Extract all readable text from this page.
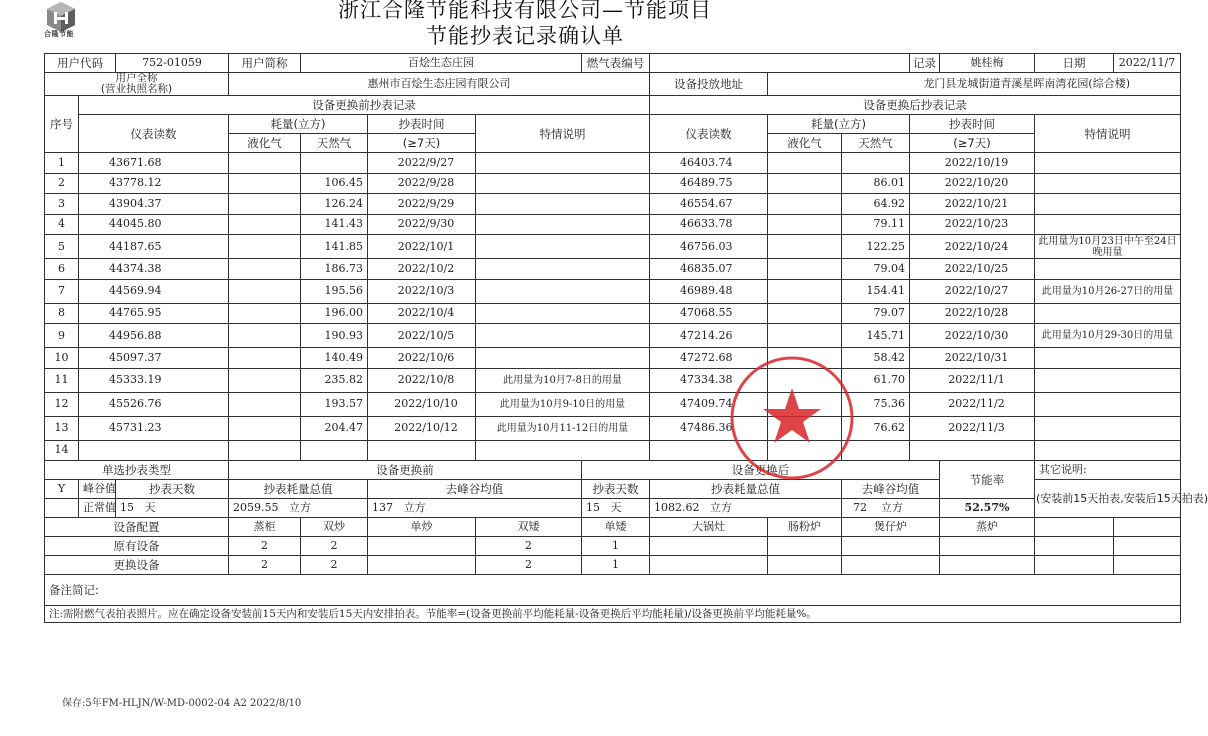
合隆节能
浙江合隆节能科技有限公司—节能项目
节能抄表记录确认单
用户代码		752-01059	用户简称	百烩生态庄园			燃气表编号				记录	姚桂梅	日期	2022/11/7

用户全称
(营业执照名称)			惠州市百烩生态庄园有限公司					设备投放地址	龙门县龙城街道青溪星晖南湾花园(综合楼)					
序号	设备更换前抄表记录							设备更换后抄表记录						
	仪表读数		耗量(立方)		抄表时间	特情说明		仪表读数	耗量(立方)		抄表时间		特情说明	
			液化气	天然气	(≥7天)				液化气	天然气	(≥7天)			
1	43671.68				2022/9/27			46403.74			2022/10/19			
2	43778.12			106.45	2022/9/28			46489.75		86.01	2022/10/20			
3	43904.37			126.24	2022/9/29			46554.67		64.92	2022/10/21			
4	44045.80			141.43	2022/9/30			46633.78		79.11	2022/10/23			
5	44187.65			141.85	2022/10/1			46756.03		122.25	2022/10/24		此用量为10月23日中午至24日晚用量	
6	44374.38			186.73	2022/10/2			46835.07		79.04	2022/10/25			
7	44569.94			195.56	2022/10/3			46989.48		154.41	2022/10/27		此用量为10月26-27日的用量	
8	44765.95			196.00	2022/10/4			47068.55		79.07	2022/10/28			
9	44956.88			190.93	2022/10/5			47214.26		145.71	2022/10/30		此用量为10月29-30日的用量	
10	45097.37			140.49	2022/10/6			47272.68		58.42	2022/10/31			
11	45333.19			235.82	2022/10/8	此用量为10月7-8日的用量		47334.38		61.70	2022/11/1			
12	45526.76			193.57	2022/10/10	此用量为10月9-10日的用量		47409.74		75.36	2022/11/2			
13	45731.23			204.47	2022/10/12	此用量为10月11-12日的用量		47486.36		76.62	2022/11/3			
14														
单选抄表类型			设备更换前				设备更换后					节能率	其它说明:	
Y	峰谷值	抄表天数	抄表耗量总值		去峰谷均值		抄表天数	抄表耗量总值		去峰谷均值			(安装前15天拍表,安装后15天拍表)	
	正常值	15 天	2059.55 立方		137 立方		15 天	1082.62 立方		72 立方		52.57%		
设备配置			蒸柜	双炒	单炒	双矮	单矮	大锅灶	肠粉炉	煲仔炉		蒸炉		
原有设备			2	2		2	1							
更换设备			2	2		2	1							
备注简记:														
注:需附燃气表拍表照片。应在确定设备安装前15天内和安装后15天内安排拍表。节能率=(设备更换前平均能耗量-设备更换后平均能耗量)/设备更换前平均能耗量%。														
保存:5年FM-HLJN/W-MD-0002-04 A2 2022/8/10
